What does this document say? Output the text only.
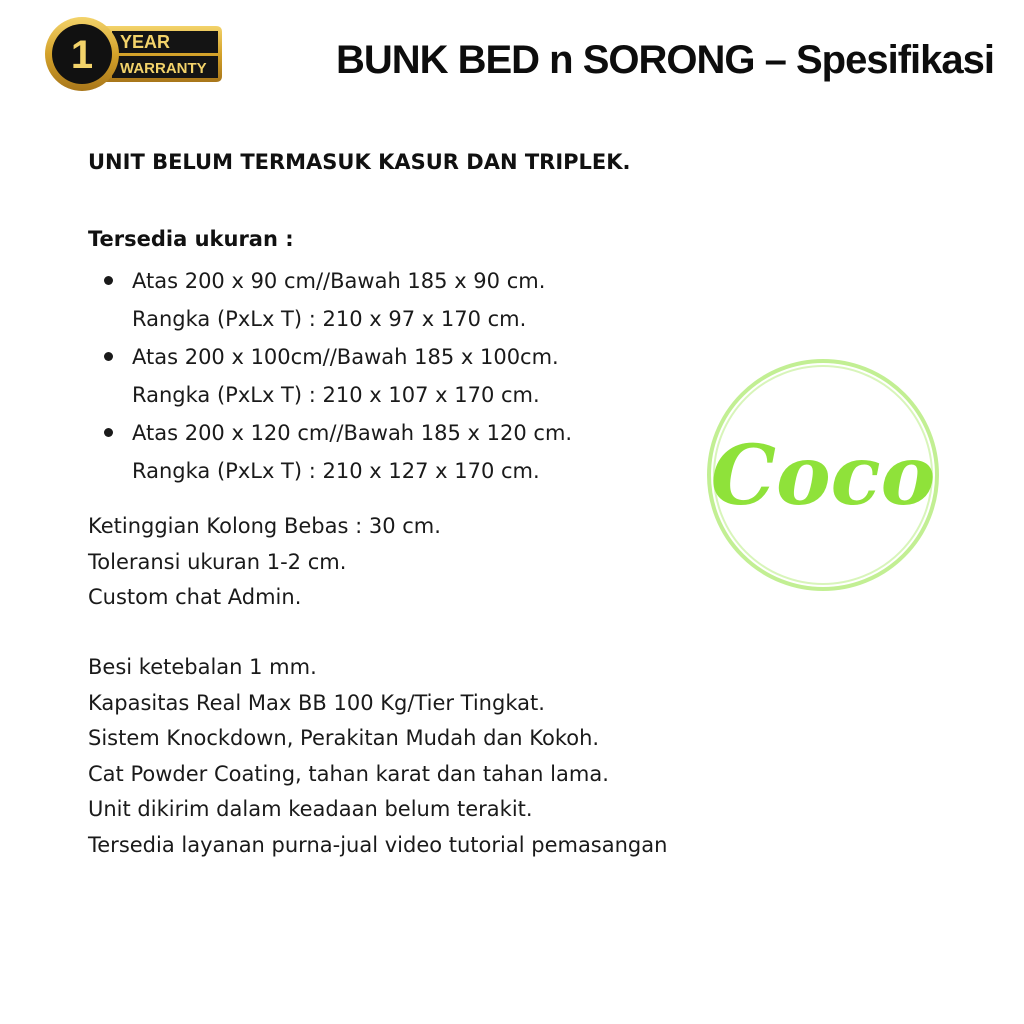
1 YEAR
WARRANTY	BUNK BED n SORONG – Spesifikasi

UNIT BELUM TERMASUK KASUR DAN TRIPLEK.

Tersedia ukuran :

Atas 200 x 90 cm//Bawah 185 x 90 cm.
Rangka (PxLx T) : 210 x 97 x 170 cm.
Atas 200 x 100cm//Bawah 185 x 100cm.
Rangka (PxLx T) : 210 x 107 x 170 cm.
Atas 200 x 120 cm//Bawah 185 x 120 cm.
Rangka (PxLx T) : 210 x 127 x 170 cm.
Ketinggian Kolong Bebas : 30 cm.
Toleransi ukuran 1-2 cm.
Custom chat Admin.
Besi ketebalan 1 mm.
Kapasitas Real Max BB 100 Kg/Tier Tingkat.
Sistem Knockdown, Perakitan Mudah dan Kokoh.
Cat Powder Coating, tahan karat dan tahan lama.
Unit dikirim dalam keadaan belum terakit.
Tersedia layanan purna-jual video tutorial pemasangan
Coco
